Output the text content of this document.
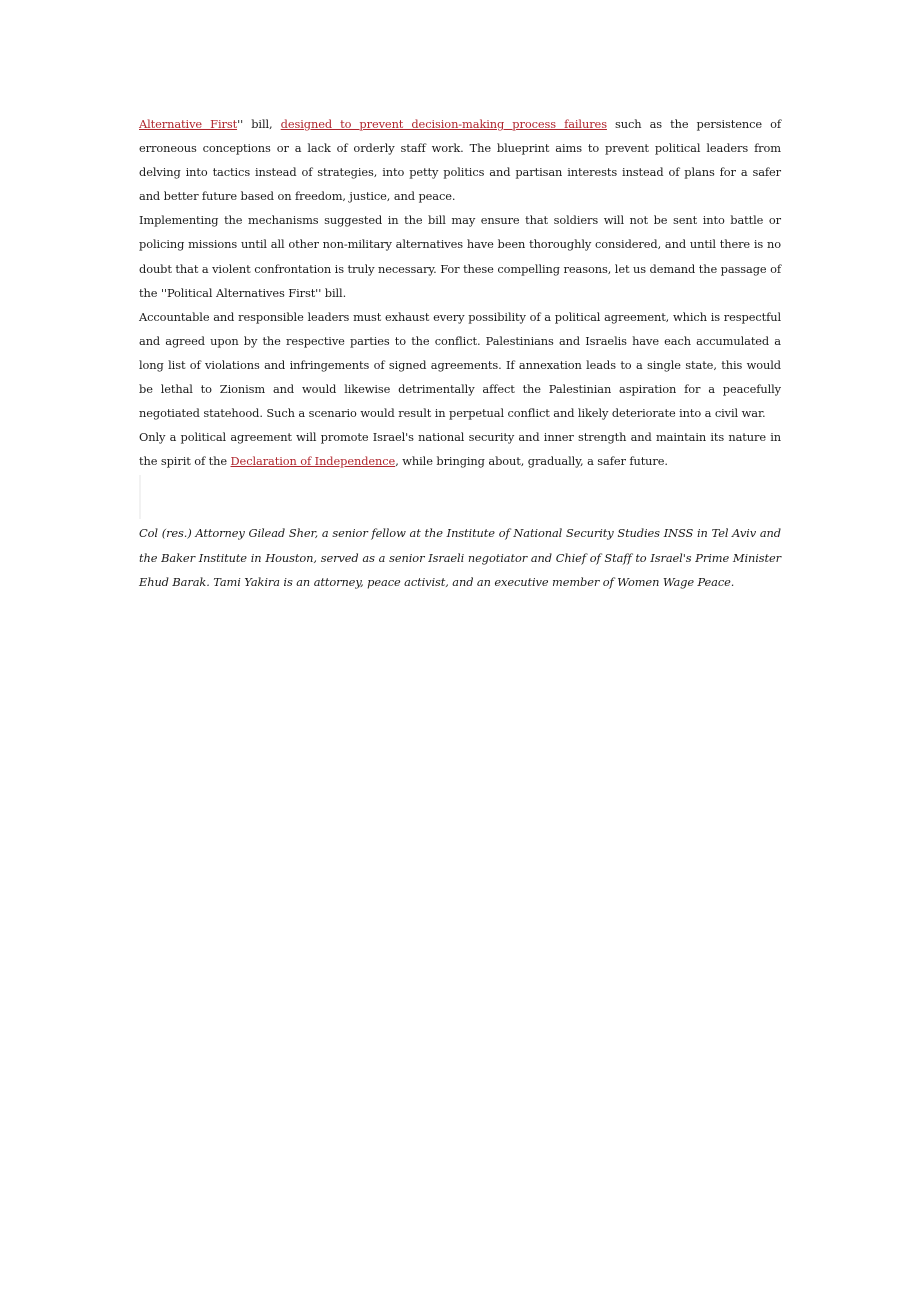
Alternative First'' bill, designed to prevent decision-making process failures such as the persistence of erroneous conceptions or a lack of orderly staff work. The blueprint aims to prevent political leaders from delving into tactics instead of strategies, into petty politics and partisan interests instead of plans for a safer and better future based on freedom, justice, and peace.

Implementing the mechanisms suggested in the bill may ensure that soldiers will not be sent into battle or policing missions until all other non-military alternatives have been thoroughly considered, and until there is no doubt that a violent confrontation is truly necessary. For these compelling reasons, let us demand the passage of the ''Political Alternatives First'' bill.

Accountable and responsible leaders must exhaust every possibility of a political agreement, which is respectful and agreed upon by the respective parties to the conflict. Palestinians and Israelis have each accumulated a long list of violations and infringements of signed agreements. If annexation leads to a single state, this would be lethal to Zionism and would likewise detrimentally affect the Palestinian aspiration for a peacefully negotiated statehood. Such a scenario would result in perpetual conflict and likely deteriorate into a civil war.

Only a political agreement will promote Israel's national security and inner strength and maintain its nature in the spirit of the Declaration of Independence, while bringing about, gradually, a safer future.

Col (res.) Attorney Gilead Sher, a senior fellow at the Institute of National Security Studies INSS in Tel Aviv and the Baker Institute in Houston, served as a senior Israeli negotiator and Chief of Staff to Israel's Prime Minister Ehud Barak. Tami Yakira is an attorney, peace activist, and an executive member of Women Wage Peace.
